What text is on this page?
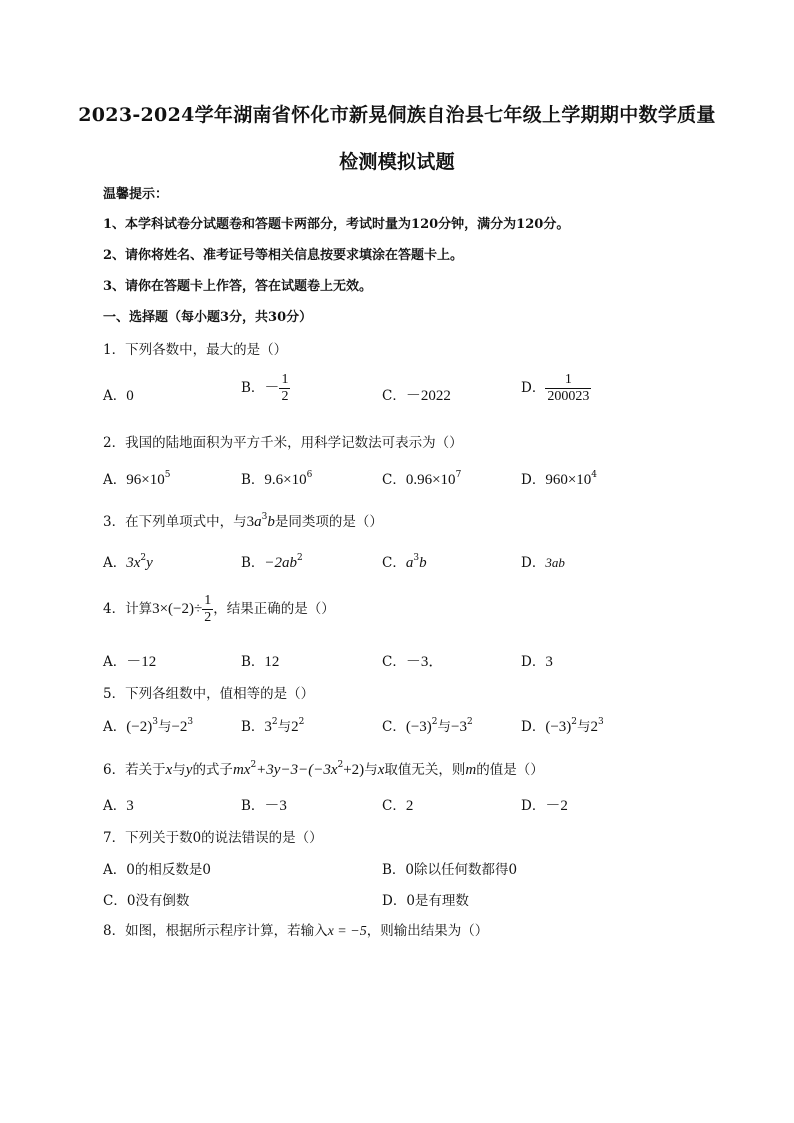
2023-2024学年湖南省怀化市新晃侗族自治县七年级上学期期中数学质量
检测模拟试题
温馨提示：
1、本学科试卷分试题卷和答题卡两部分，考试时量为120分钟，满分为120分。
2、请你将姓名、准考证号等相关信息按要求填涂在答题卡上。
3、请你在答题卡上作答，答在试题卷上无效。
一、选择题（每小题3分，共30分）
1．下列各数中，最大的是（）
A．0	B．－ $\frac{1}{2}$	C．－2022	D． $\frac{1}{200023}$
2．我国的陆地面积为平方千米，用科学记数法可表示为（）
A．$96\times 10^5$	B．$9.6\times 10^6$	C．$0.96\times 10^7$	D．$960\times 10^4$
3．在下列单项式中，与$3a^3b$是同类项的是（）
A．$3x^2y$	B．$-2ab^2$	C．$a^3b$	D．3ab
4．计算$3\times(-2)\div \frac{1}{2}$ ，结果正确的是（）
A．－12	B．12	C．－3．	D．3
5．下列各组数中，值相等的是（）
A．$(-2)^3$与$-2^3$	B．$3^2$与$2^2$	C．$(-3)^2$与$-3^2$	D．$(-3)^2$与$2^3$
6．若关于x与y的式子$mx^2+3y-3-(-3x^2+2)$与x取值无关，则m的值是（）
A．3	B．－3	C．2	D．－2
7．下列关于数0的说法错误的是（）
A．0的相反数是0	B．0除以任何数都得0
C．0没有倒数	D．0是有理数
8．如图，根据所示程序计算，若输入x = −5，则输出结果为（）
